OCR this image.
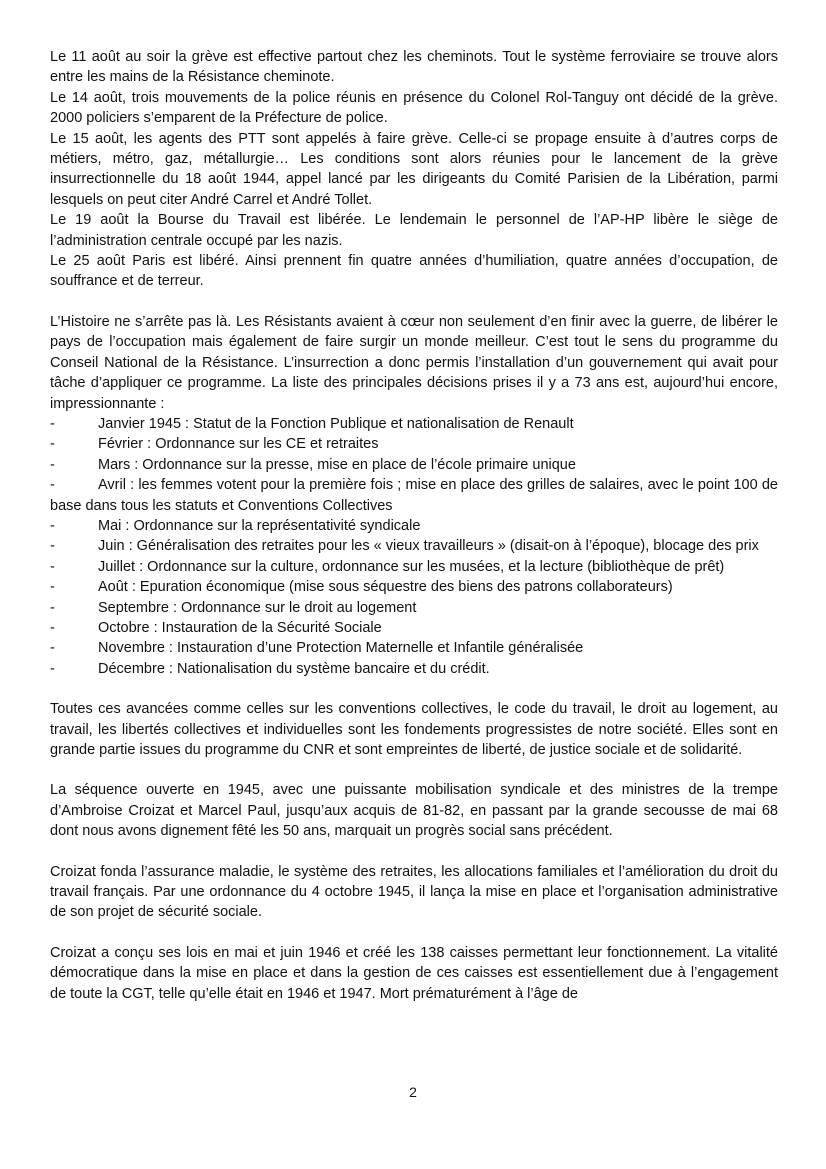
Le 11 août au soir la grève est effective partout chez les cheminots. Tout le système ferroviaire se trouve alors entre les mains de la Résistance cheminote.

Le 14 août, trois mouvements de la police réunis en présence du Colonel Rol-Tanguy ont décidé de la grève. 2000 policiers s’emparent de la Préfecture de police.

Le 15 août, les agents des PTT sont appelés à faire grève. Celle-ci se propage ensuite à d’autres corps de métiers, métro, gaz, métallurgie… Les conditions sont alors réunies pour le lancement de la grève insurrectionnelle du 18 août 1944, appel lancé par les dirigeants du Comité Parisien de la Libération, parmi lesquels on peut citer André Carrel et André Tollet.

Le 19 août la Bourse du Travail est libérée. Le lendemain le personnel de l’AP-HP libère le siège de l’administration centrale occupé par les nazis.

Le 25 août Paris est libéré. Ainsi prennent fin quatre années d’humiliation, quatre années d’occupation, de souffrance et de terreur.

L’Histoire ne s’arrête pas là. Les Résistants avaient à cœur non seulement d’en finir avec la guerre, de libérer le pays de l’occupation mais également de faire surgir un monde meilleur. C’est tout le sens du programme du Conseil National de la Résistance. L’insurrection a donc permis l’installation d’un gouvernement qui avait pour tâche d’appliquer ce programme. La liste des principales décisions prises il y a 73 ans est, aujourd’hui encore, impressionnante :

-	Janvier 1945 : Statut de la Fonction Publique et nationalisation de Renault
-	Février : Ordonnance sur les CE et retraites
-	Mars : Ordonnance sur la presse, mise en place de l’école primaire unique

-	Avril : les femmes votent pour la première fois ; mise en place des grilles de salaires, avec le point 100 de base dans tous les statuts et Conventions Collectives

-	Mai : Ordonnance sur la représentativité syndicale

-	Juin : Généralisation des retraites pour les « vieux travailleurs » (disait-on à l’époque), blocage des prix

-	Juillet : Ordonnance sur la culture, ordonnance sur les musées, et la lecture (bibliothèque de prêt)
-	Août : Epuration économique (mise sous séquestre des biens des patrons collaborateurs)
-	Septembre : Ordonnance sur le droit au logement
-	Octobre : Instauration de la Sécurité Sociale
-	Novembre : Instauration d’une Protection Maternelle et Infantile généralisée
-	Décembre : Nationalisation du système bancaire et du crédit.

Toutes ces avancées comme celles sur les conventions collectives, le code du travail, le droit au logement, au travail, les libertés collectives et individuelles sont les fondements progressistes de notre société. Elles sont en grande partie issues du programme du CNR et sont empreintes de liberté, de justice sociale et de solidarité.

La séquence ouverte en 1945, avec une puissante mobilisation syndicale et des ministres de la trempe d’Ambroise Croizat et Marcel Paul, jusqu’aux acquis de 81-82, en passant par la grande secousse de mai 68 dont nous avons dignement fêté les 50 ans, marquait un progrès social sans précédent.

Croizat fonda l’assurance maladie, le système des retraites, les allocations familiales et l’amélioration du droit du travail français. Par une ordonnance du 4 octobre 1945, il lança la mise en place et l’organisation administrative de son projet de sécurité sociale.

Croizat a conçu ses lois en mai et juin 1946 et créé les 138 caisses permettant leur fonctionnement. La vitalité démocratique dans la mise en place et dans la gestion de ces caisses est essentiellement due à l’engagement de toute la CGT, telle qu’elle était en 1946 et 1947. Mort prématurément à l’âge de

2
